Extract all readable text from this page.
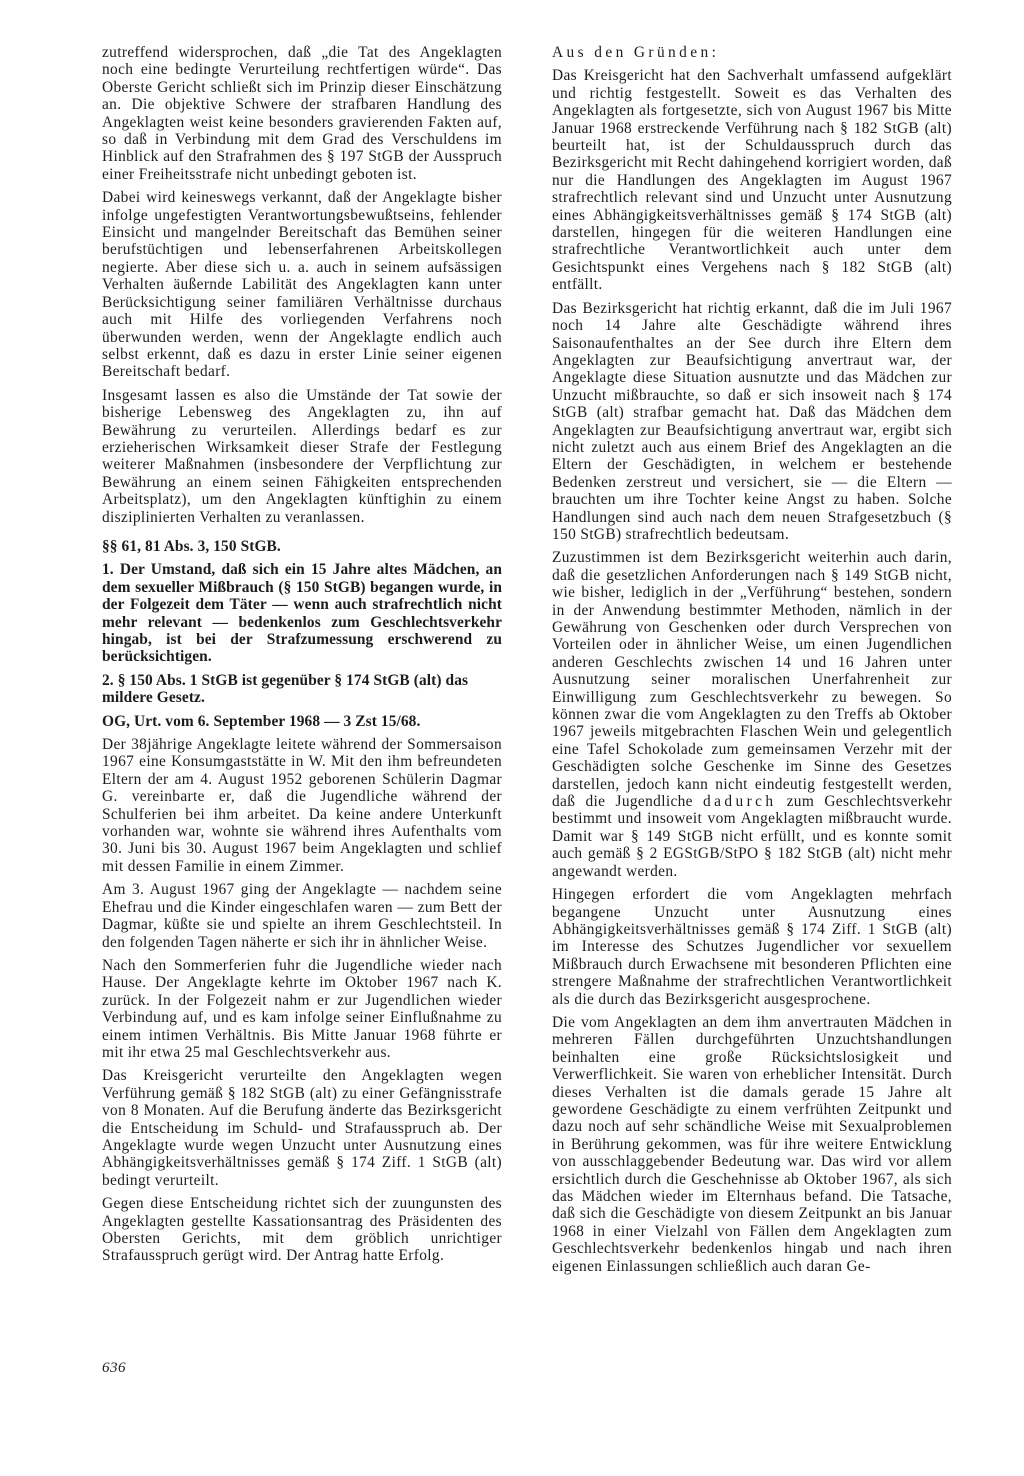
zutreffend widersprochen, daß „die Tat des Angeklagten noch eine bedingte Verurteilung rechtfertigen würde“. Das Oberste Gericht schließt sich im Prinzip dieser Einschätzung an. Die objektive Schwere der strafbaren Handlung des Angeklagten weist keine besonders gravierenden Fakten auf, so daß in Verbindung mit dem Grad des Verschuldens im Hinblick auf den Strafrahmen des § 197 StGB der Ausspruch einer Freiheitsstrafe nicht unbedingt geboten ist.

Dabei wird keineswegs verkannt, daß der Angeklagte bisher infolge ungefestigten Verantwortungsbewußtseins, fehlender Einsicht und mangelnder Bereitschaft das Bemühen seiner berufstüchtigen und lebenserfahrenen Arbeitskollegen negierte. Aber diese sich u. a. auch in seinem aufsässigen Verhalten äußernde Labilität des Angeklagten kann unter Berücksichtigung seiner familiären Verhältnisse durchaus auch mit Hilfe des vorliegenden Verfahrens noch überwunden werden, wenn der Angeklagte endlich auch selbst erkennt, daß es dazu in erster Linie seiner eigenen Bereitschaft bedarf.

Insgesamt lassen es also die Umstände der Tat sowie der bisherige Lebensweg des Angeklagten zu, ihn auf Bewährung zu verurteilen. Allerdings bedarf es zur erzieherischen Wirksamkeit dieser Strafe der Festlegung weiterer Maßnahmen (insbesondere der Verpflichtung zur Bewährung an einem seinen Fähigkeiten entsprechenden Arbeitsplatz), um den Angeklagten künftighin zu einem disziplinierten Verhalten zu veranlassen.

§§ 61, 81 Abs. 3, 150 StGB.

1. Der Umstand, daß sich ein 15 Jahre altes Mädchen, an dem sexueller Mißbrauch (§ 150 StGB) begangen wurde, in der Folgezeit dem Täter — wenn auch strafrechtlich nicht mehr relevant — bedenkenlos zum Geschlechtsverkehr hingab, ist bei der Strafzumessung erschwerend zu berücksichtigen.

2. § 150 Abs. 1 StGB ist gegenüber § 174 StGB (alt) das mildere Gesetz.

OG, Urt. vom 6. September 1968 — 3 Zst 15/68.

Der 38jährige Angeklagte leitete während der Sommersaison 1967 eine Konsumgaststätte in W. Mit den ihm befreundeten Eltern der am 4. August 1952 geborenen Schülerin Dagmar G. vereinbarte er, daß die Jugendliche während der Schulferien bei ihm arbeitet. Da keine andere Unterkunft vorhanden war, wohnte sie während ihres Aufenthalts vom 30. Juni bis 30. August 1967 beim Angeklagten und schlief mit dessen Familie in einem Zimmer.

Am 3. August 1967 ging der Angeklagte — nachdem seine Ehefrau und die Kinder eingeschlafen waren — zum Bett der Dagmar, küßte sie und spielte an ihrem Geschlechtsteil. In den folgenden Tagen näherte er sich ihr in ähnlicher Weise.

Nach den Sommerferien fuhr die Jugendliche wieder nach Hause. Der Angeklagte kehrte im Oktober 1967 nach K. zurück. In der Folgezeit nahm er zur Jugendlichen wieder Verbindung auf, und es kam infolge seiner Einflußnahme zu einem intimen Verhältnis. Bis Mitte Januar 1968 führte er mit ihr etwa 25 mal Geschlechtsverkehr aus.

Das Kreisgericht verurteilte den Angeklagten wegen Verführung gemäß § 182 StGB (alt) zu einer Gefängnisstrafe von 8 Monaten. Auf die Berufung änderte das Bezirksgericht die Entscheidung im Schuld- und Strafausspruch ab. Der Angeklagte wurde wegen Unzucht unter Ausnutzung eines Abhängigkeitsverhältnisses gemäß § 174 Ziff. 1 StGB (alt) bedingt verurteilt.

Gegen diese Entscheidung richtet sich der zuungunsten des Angeklagten gestellte Kassationsantrag des Präsidenten des Obersten Gerichts, mit dem gröblich unrichtiger Strafausspruch gerügt wird. Der Antrag hatte Erfolg.

Aus den Gründen:

Das Kreisgericht hat den Sachverhalt umfassend aufgeklärt und richtig festgestellt. Soweit es das Verhalten des Angeklagten als fortgesetzte, sich von August 1967 bis Mitte Januar 1968 erstreckende Verführung nach § 182 StGB (alt) beurteilt hat, ist der Schuldausspruch durch das Bezirksgericht mit Recht dahingehend korrigiert worden, daß nur die Handlungen des Angeklagten im August 1967 strafrechtlich relevant sind und Unzucht unter Ausnutzung eines Abhängigkeitsverhältnisses gemäß § 174 StGB (alt) darstellen, hingegen für die weiteren Handlungen eine strafrechtliche Verantwortlichkeit auch unter dem Gesichtspunkt eines Vergehens nach § 182 StGB (alt) entfällt.

Das Bezirksgericht hat richtig erkannt, daß die im Juli 1967 noch 14 Jahre alte Geschädigte während ihres Saisonaufenthaltes an der See durch ihre Eltern dem Angeklagten zur Beaufsichtigung anvertraut war, der Angeklagte diese Situation ausnutzte und das Mädchen zur Unzucht mißbrauchte, so daß er sich insoweit nach § 174 StGB (alt) strafbar gemacht hat. Daß das Mädchen dem Angeklagten zur Beaufsichtigung anvertraut war, ergibt sich nicht zuletzt auch aus einem Brief des Angeklagten an die Eltern der Geschädigten, in welchem er bestehende Bedenken zerstreut und versichert, sie — die Eltern — brauchten um ihre Tochter keine Angst zu haben. Solche Handlungen sind auch nach dem neuen Strafgesetzbuch (§ 150 StGB) strafrechtlich bedeutsam.

Zuzustimmen ist dem Bezirksgericht weiterhin auch darin, daß die gesetzlichen Anforderungen nach § 149 StGB nicht, wie bisher, lediglich in der „Verführung“ bestehen, sondern in der Anwendung bestimmter Methoden, nämlich in der Gewährung von Geschenken oder durch Versprechen von Vorteilen oder in ähnlicher Weise, um einen Jugendlichen anderen Geschlechts zwischen 14 und 16 Jahren unter Ausnutzung seiner moralischen Unerfahrenheit zur Einwilligung zum Geschlechtsverkehr zu bewegen. So können zwar die vom Angeklagten zu den Treffs ab Oktober 1967 jeweils mitgebrachten Flaschen Wein und gelegentlich eine Tafel Schokolade zum gemeinsamen Verzehr mit der Geschädigten solche Geschenke im Sinne des Gesetzes darstellen, jedoch kann nicht eindeutig festgestellt werden, daß die Jugendliche dadurch zum Geschlechtsverkehr bestimmt und insoweit vom Angeklagten mißbraucht wurde. Damit war § 149 StGB nicht erfüllt, und es konnte somit auch gemäß § 2 EGStGB/StPO § 182 StGB (alt) nicht mehr angewandt werden.

Hingegen erfordert die vom Angeklagten mehrfach begangene Unzucht unter Ausnutzung eines Abhängigkeitsverhältnisses gemäß § 174 Ziff. 1 StGB (alt) im Interesse des Schutzes Jugendlicher vor sexuellem Mißbrauch durch Erwachsene mit besonderen Pflichten eine strengere Maßnahme der strafrechtlichen Verantwortlichkeit als die durch das Bezirksgericht ausgesprochene.

Die vom Angeklagten an dem ihm anvertrauten Mädchen in mehreren Fällen durchgeführten Unzuchtshandlungen beinhalten eine große Rücksichtslosigkeit und Verwerflichkeit. Sie waren von erheblicher Intensität. Durch dieses Verhalten ist die damals gerade 15 Jahre alt gewordene Geschädigte zu einem verfrühten Zeitpunkt und dazu noch auf sehr schändliche Weise mit Sexualproblemen in Berührung gekommen, was für ihre weitere Entwicklung von ausschlaggebender Bedeutung war. Das wird vor allem ersichtlich durch die Geschehnisse ab Oktober 1967, als sich das Mädchen wieder im Elternhaus befand. Die Tatsache, daß sich die Geschädigte von diesem Zeitpunkt an bis Januar 1968 in einer Vielzahl von Fällen dem Angeklagten zum Geschlechtsverkehr bedenkenlos hingab und nach ihren eigenen Einlassungen schließlich auch daran Ge-

636
